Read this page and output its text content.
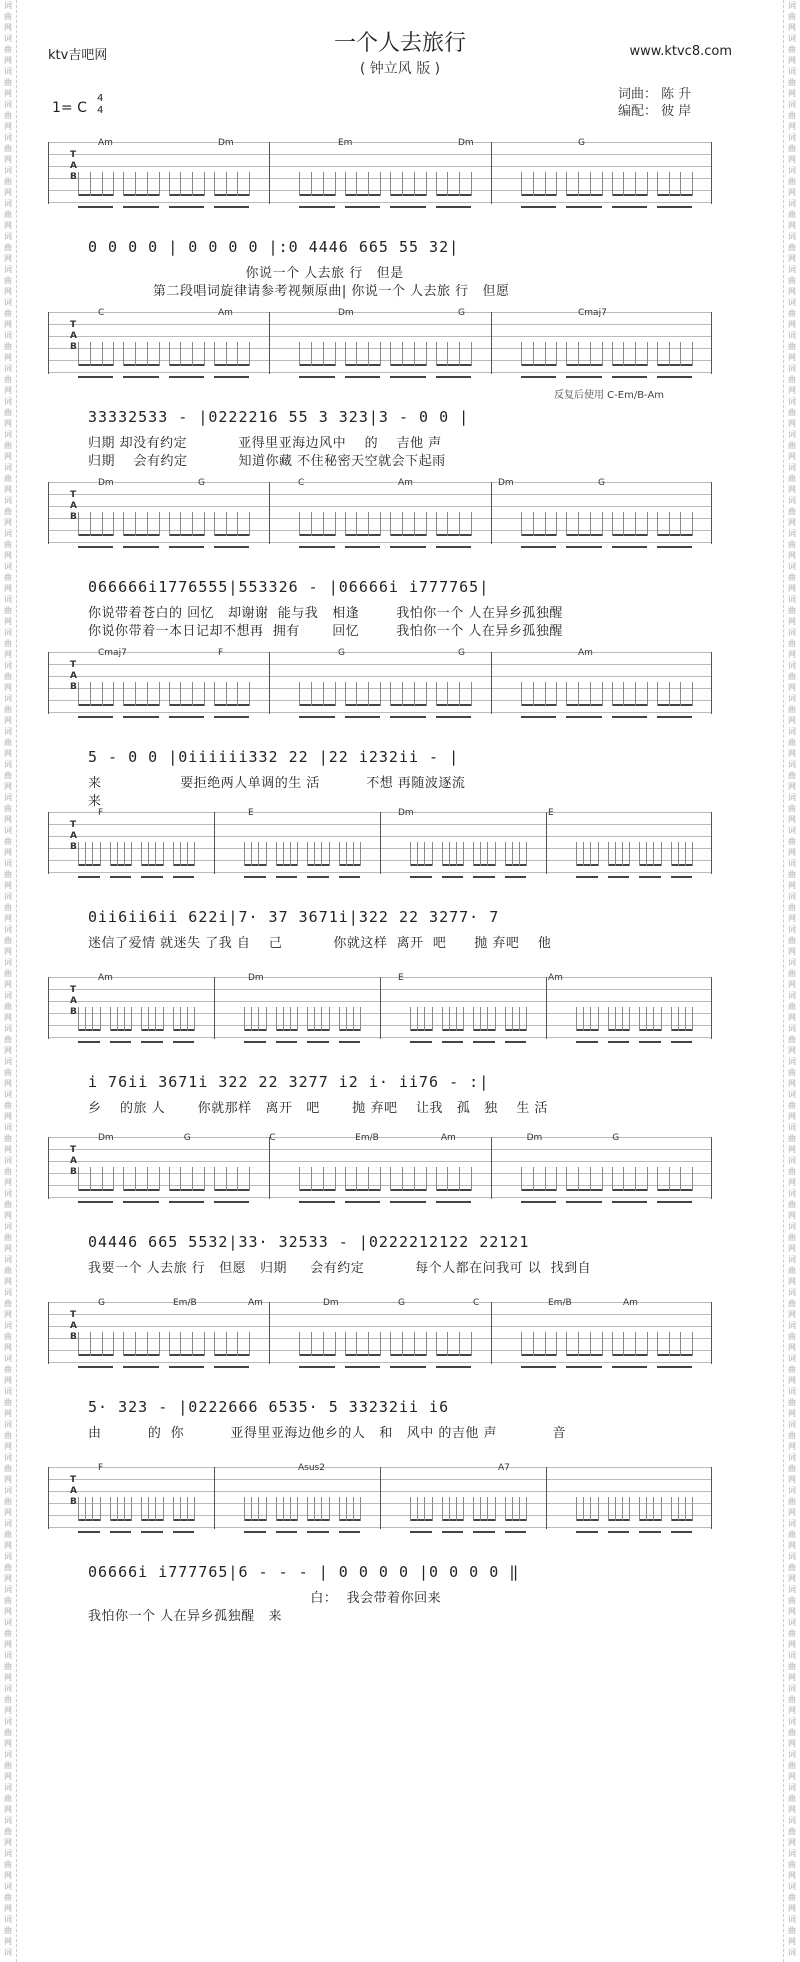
词
曲
网
词
曲
网
词
曲
网
词
曲
网
词
曲
网
词
曲
网
词
曲
网
词
曲
网
词
曲
网
词
曲
网
词
曲
网
词
曲
网
词
曲
网
词
曲
网
词
曲
网
词
曲
网
词
曲
网
词
曲
网
词
曲
网
词
曲
网
词
曲
网
词
曲
网
词
曲
网
词
曲
网
词
曲
网
词
曲
网
词
曲
网
词
曲
网
词
曲
网
词
曲
网
词
曲
网
词
曲
网
词
曲
网
词
曲
网
词
曲
网
词
曲
网
词
曲
网
词
曲
网
词
曲
网
词
曲
网
词
曲
网
词
曲
网
词
曲
网
词
曲
网
词
曲
网
词
曲
网
词
曲
网
词
曲
网
词
曲
网
词
曲
网
词
曲
网
词
曲
网
词
曲
网
词
曲
网
词
曲
网
词
曲
网
词
曲
网
词
曲
网
词
曲
网
词
词
曲
网
词
曲
网
词
曲
网
词
曲
网
词
曲
网
词
曲
网
词
曲
网
词
曲
网
词
曲
网
词
曲
网
词
曲
网
词
曲
网
词
曲
网
词
曲
网
词
曲
网
词
曲
网
词
曲
网
词
曲
网
词
曲
网
词
曲
网
词
曲
网
词
曲
网
词
曲
网
词
曲
网
词
曲
网
词
曲
网
词
曲
网
词
曲
网
词
曲
网
词
曲
网
词
曲
网
词
曲
网
词
曲
网
词
曲
网
词
曲
网
词
曲
网
词
曲
网
词
曲
网
词
曲
网
词
曲
网
词
曲
网
词
曲
网
词
曲
网
词
曲
网
词
曲
网
词
曲
网
词
曲
网
词
曲
网
词
曲
网
词
曲
网
词
曲
网
词
曲
网
词
曲
网
词
曲
网
词
曲
网
词
曲
网
词
曲
网
词
曲
网
词
曲
网
词
ktv吉吧网	www.ktvc8.com
一个人去旅行
( 钟立风 版 )
1= C
4
4
词曲： 陈 升
编配： 彼 岸
T
A
B
Am	Dm	Em	Dm	G
0 0 0 0 | 0 0 0 0 |:0 4446 665 55 32|
你说一个 人去旅 行   但是
第二段唱词旋律请参考视频原曲| 你说一个 人去旅 行   但愿
T
A
B
C	Am	Dm	G	Cmaj7
33332533 - |0222216 55 3 323|3 - 0 0 |
归期 却没有约定           亚得里亚海边风中    的    吉他 声
归期    会有约定           知道你藏 不住秘密天空就会下起雨
反复后使用 C-Em/B-Am
T
A
B
Dm	G	C	Am	Dm	G
066666i1776555|553326 - |06666i i777765|
你说带着苍白的 回忆   却谢谢  能与我   相逢        我怕你一个 人在异乡孤独醒
你说你带着一本日记却不想再  拥有       回忆        我怕你一个 人在异乡孤独醒
T
A
B
Cmaj7	F	G	G	Am
5 - 0 0 |0iiiiii332 22 |22 i232ii - |
来                 要拒绝两人单调的生 活          不想 再随波逐流
来
T
A
B
F	E	Dm	E
0ii6ii6ii 622i|7· 37 3671i|322 22 3277· 7
迷信了爱情 就迷失 了我 自    己           你就这样  离开  吧      抛 弃吧    他
T
A
B
Am	Dm	E	Am
i 76ii 3671i 322 22 3277 i2 i· ii76 - :|
乡    的旅 人       你就那样   离开   吧       抛 弃吧    让我   孤   独    生 活
T
A
B
Dm	G	C	Em/B	Am	Dm	G
04446 665 5532|33· 32533 - |0222212122 22121
我要一个 人去旅 行   但愿   归期     会有约定           每个人都在问我可 以  找到自
T
A
B
G	Em/B	Am	Dm	G	C	Em/B	Am
5· 323 - |0222666 6535· 5 33232ii i6
由          的  你          亚得里亚海边他乡的人   和   风中 的吉他 声            音
T
A
B
F	Asus2	A7
06666i i777765|6 - - - | 0 0 0 0 |0 0 0 0 ‖
白：  我会带着你回来
我怕你一个 人在异乡孤独醒   来
